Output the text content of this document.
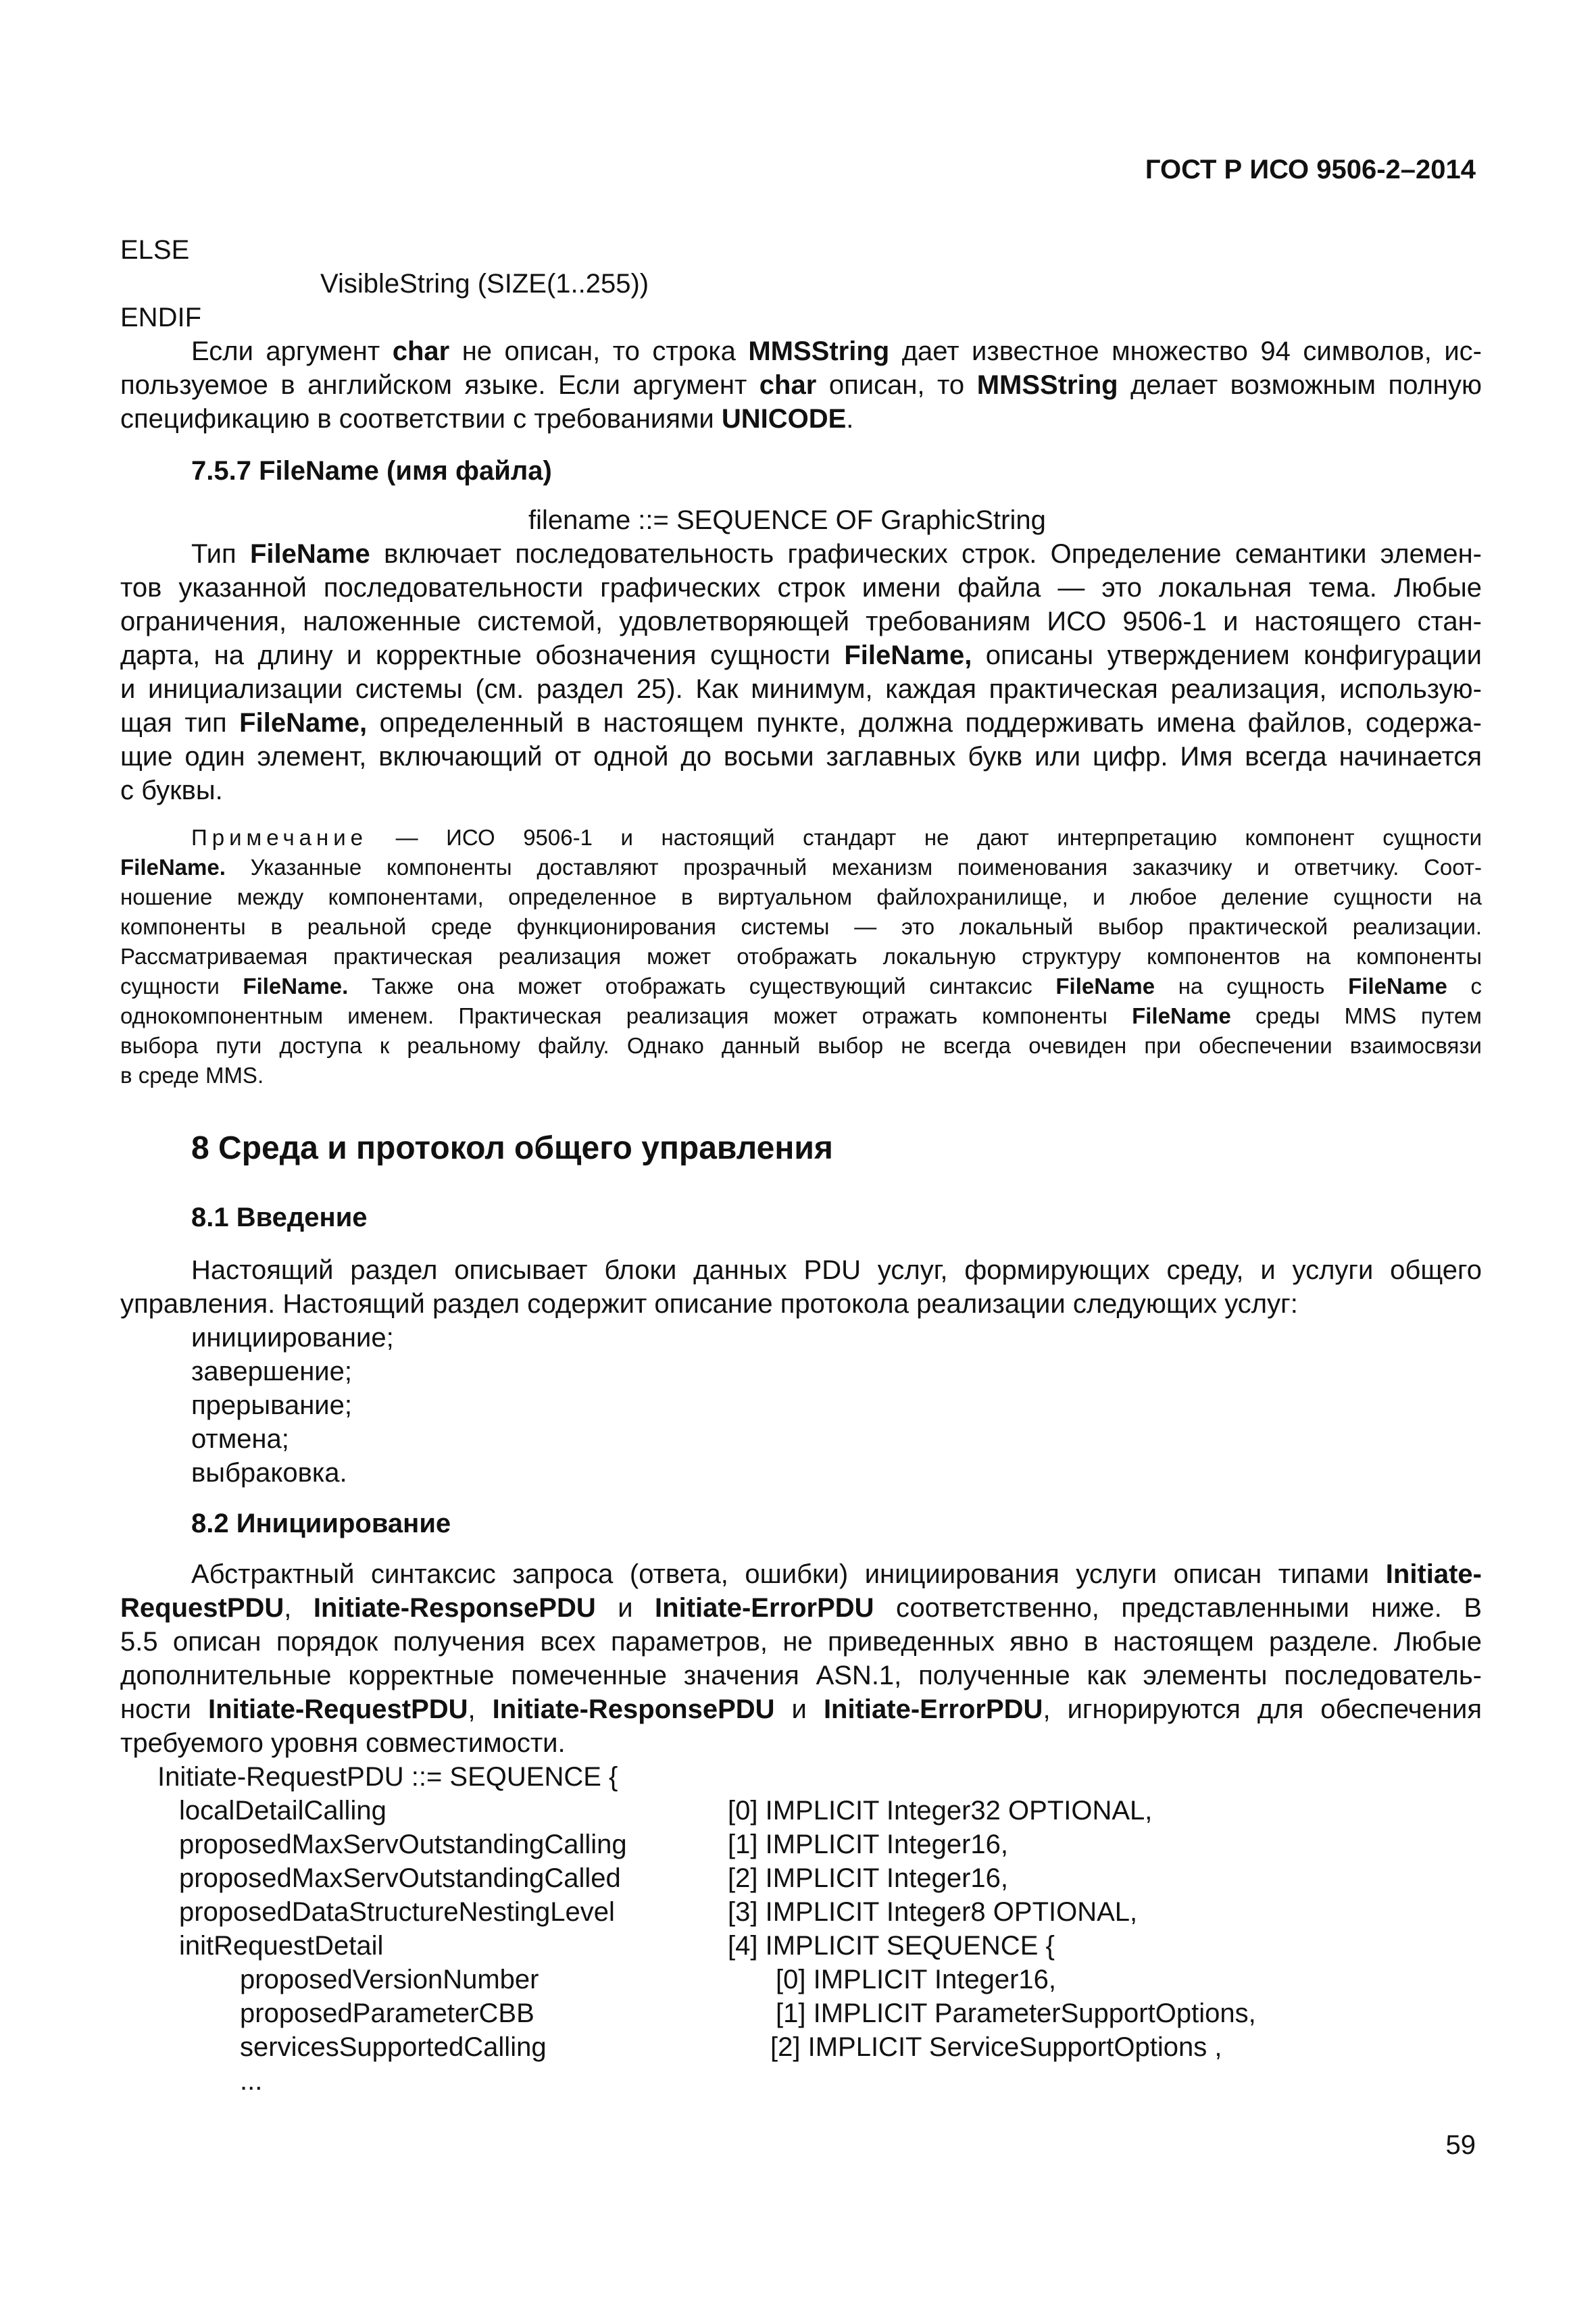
ГОСТ Р ИСО 9506-2–2014
ELSE
VisibleString (SIZE(1..255))
ENDIF
Если аргумент char не описан, то строка MMSString дает известное множество 94 символов, ис-
пользуемое в английском языке. Если аргумент char описан, то MMSString делает возможным полную
спецификацию в соответствии с требованиями UNICODE.
7.5.7 FileName (имя файла)
filename ::= SEQUENCE OF GraphicString
Тип FileName включает последовательность графических строк. Определение семантики элемен-
тов указанной последовательности графических строк имени файла — это локальная тема. Любые
ограничения, наложенные системой, удовлетворяющей требованиям ИСО 9506-1 и настоящего стан-
дарта, на длину и корректные обозначения сущности FileName, описаны утверждением конфигурации
и инициализации системы (см. раздел 25). Как минимум, каждая практическая реализация, использую-
щая тип FileName, определенный в настоящем пункте, должна поддерживать имена файлов, содержа-
щие один элемент, включающий от одной до восьми заглавных букв или цифр. Имя всегда начинается
с буквы.
Примечание — ИСО 9506-1 и настоящий стандарт не дают интерпретацию компонент сущности
FileName. Указанные компоненты доставляют прозрачный механизм поименования заказчику и ответчику. Соот-
ношение между компонентами, определенное в виртуальном файлохранилище, и любое деление сущности на
компоненты в реальной среде функционирования системы — это локальный выбор практической реализации.
Рассматриваемая практическая реализация может отображать локальную структуру компонентов на компоненты
сущности FileName. Также она может отображать существующий синтаксис FileName на сущность FileName с
однокомпонентным именем. Практическая реализация может отражать компоненты FileName среды MMS путем
выбора пути доступа к реальному файлу. Однако данный выбор не всегда очевиден при обеспечении взаимосвязи
в среде MMS.
8 Среда и протокол общего управления
8.1 Введение
Настоящий раздел описывает блоки данных PDU услуг, формирующих среду, и услуги общего
управления. Настоящий раздел содержит описание протокола реализации следующих услуг:
инициирование;
завершение;
прерывание;
отмена;
выбраковка.
8.2 Инициирование
Абстрактный синтаксис запроса (ответа, ошибки) инициирования услуги описан типами Initiate-
RequestPDU, Initiate-ResponsePDU и Initiate-ErrorPDU соответственно, представленными ниже. В
5.5 описан порядок получения всех параметров, не приведенных явно в настоящем разделе. Любые
дополнительные корректные помеченные значения ASN.1, полученные как элементы последователь-
ности Initiate-RequestPDU, Initiate-ResponsePDU и Initiate-ErrorPDU, игнорируются для обеспечения
требуемого уровня совместимости.
Initiate-RequestPDU ::= SEQUENCE {
localDetailCalling	[0] IMPLICIT Integer32 OPTIONAL,
proposedMaxServOutstandingCalling	[1] IMPLICIT Integer16,
proposedMaxServOutstandingCalled	[2] IMPLICIT Integer16,
proposedDataStructureNestingLevel	[3] IMPLICIT Integer8 OPTIONAL,
initRequestDetail	[4] IMPLICIT SEQUENCE {
proposedVersionNumber	[0] IMPLICIT Integer16,
proposedParameterCBB	[1] IMPLICIT ParameterSupportOptions,
servicesSupportedCalling	[2] IMPLICIT ServiceSupportOptions ,
...
59
